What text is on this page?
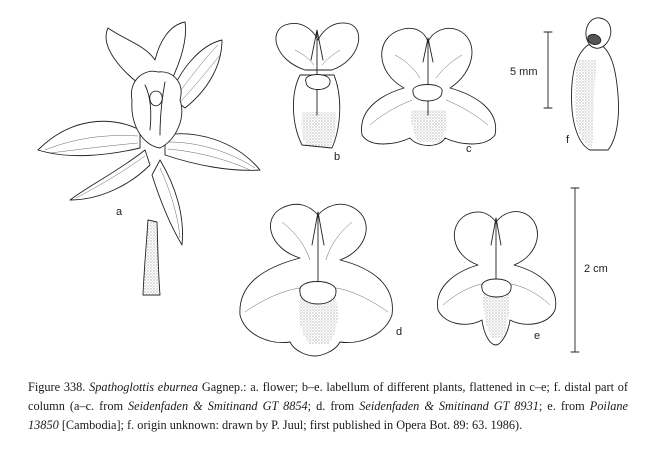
a
b
c
f
5 mm
d	e
2 cm
Figure 338. Spathoglottis eburnea Gagnep.: a. flower; b–e. labellum of different plants, flattened in c–e; f. distal part of column (a–c. from Seidenfaden & Smitinand GT 8854; d. from Seidenfaden & Smitinand GT 8931; e. from Poilane 13850 [Cambodia]; f. origin unknown: drawn by P. Juul; first published in Opera Bot. 89: 63. 1986).
